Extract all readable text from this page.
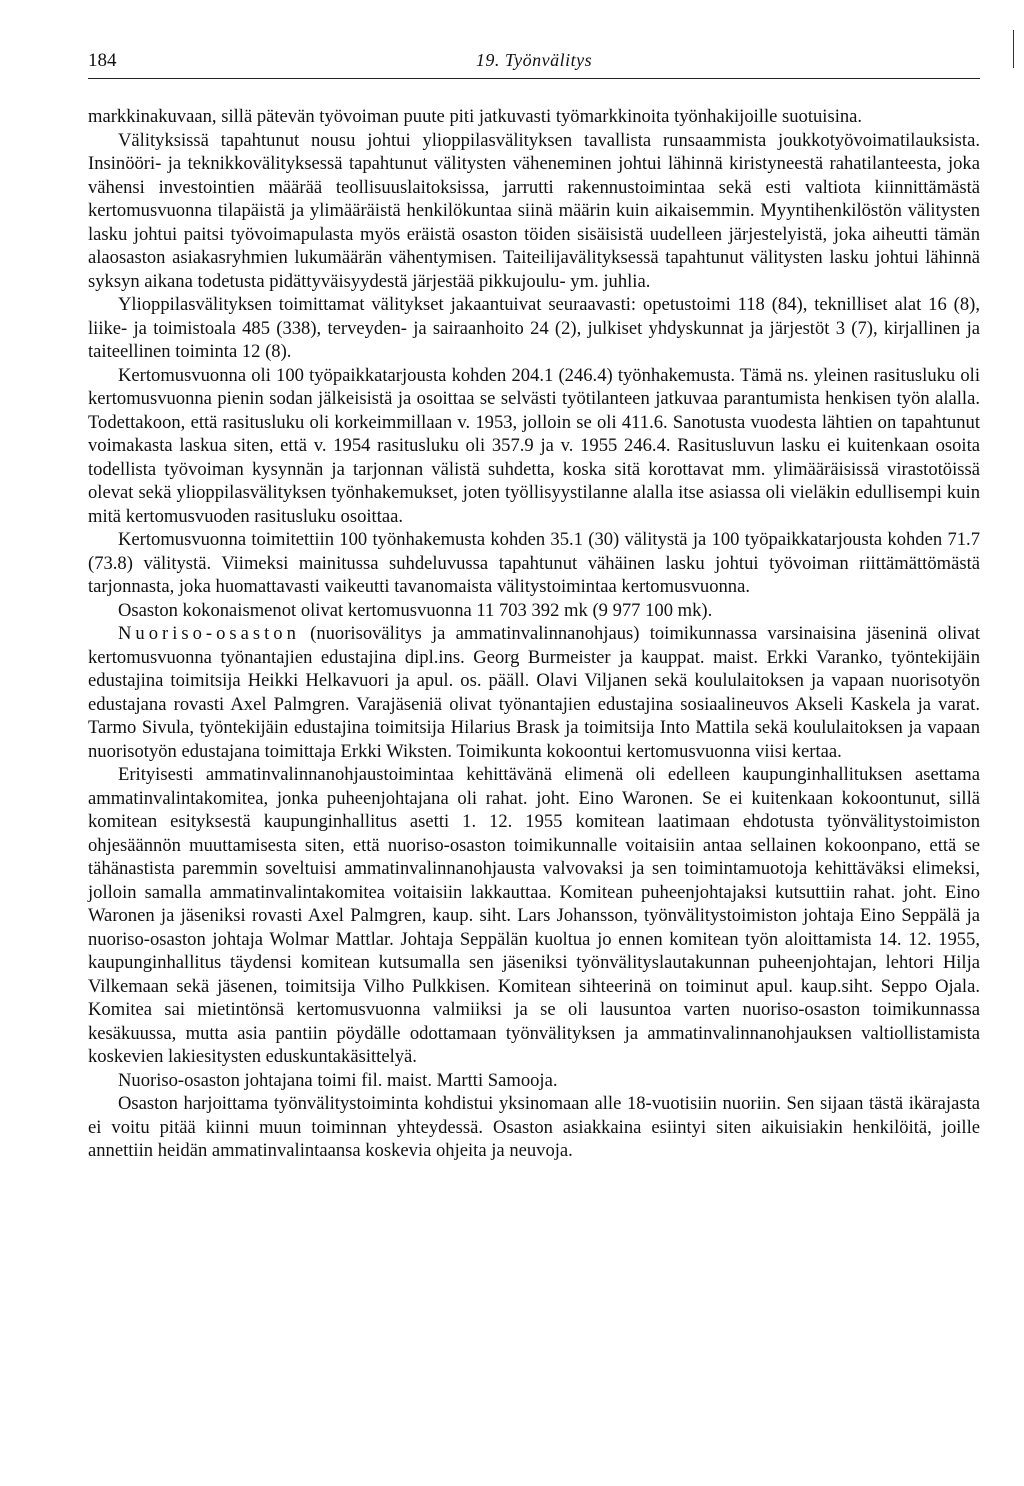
184	19. Työnvälitys

markkinakuvaan, sillä pätevän työvoiman puute piti jatkuvasti työmarkkinoita työnhakijoille suotuisina.

Välityksissä tapahtunut nousu johtui ylioppilasvälityksen tavallista runsaammista joukkotyövoimatilauksista. Insinööri- ja teknikkovälityksessä tapahtunut välitysten väheneminen johtui lähinnä kiristyneestä rahatilanteesta, joka vähensi investointien määrää teollisuuslaitoksissa, jarrutti rakennustoimintaa sekä esti valtiota kiinnittämästä kertomusvuonna tilapäistä ja ylimääräistä henkilökuntaa siinä määrin kuin aikaisemmin. Myyntihenkilöstön välitysten lasku johtui paitsi työvoimapulasta myös eräistä osaston töiden sisäisistä uudelleen järjestelyistä, joka aiheutti tämän alaosaston asiakasryhmien lukumäärän vähentymisen. Taiteilijavälityksessä tapahtunut välitysten lasku johtui lähinnä syksyn aikana todetusta pidättyväisyydestä järjestää pikkujoulu- ym. juhlia.

Ylioppilasvälityksen toimittamat välitykset jakaantuivat seuraavasti: opetustoimi 118 (84), teknilliset alat 16 (8), liike- ja toimistoala 485 (338), terveyden- ja sairaanhoito 24 (2), julkiset yhdyskunnat ja järjestöt 3 (7), kirjallinen ja taiteellinen toiminta 12 (8).

Kertomusvuonna oli 100 työpaikkatarjousta kohden 204.1 (246.4) työnhakemusta. Tämä ns. yleinen rasitusluku oli kertomusvuonna pienin sodan jälkeisistä ja osoittaa se selvästi työtilanteen jatkuvaa parantumista henkisen työn alalla. Todettakoon, että rasitusluku oli korkeimmillaan v. 1953, jolloin se oli 411.6. Sanotusta vuodesta lähtien on tapahtunut voimakasta laskua siten, että v. 1954 rasitusluku oli 357.9 ja v. 1955 246.4. Rasitusluvun lasku ei kuitenkaan osoita todellista työvoiman kysynnän ja tarjonnan välistä suhdetta, koska sitä korottavat mm. ylimääräisissä virastotöissä olevat sekä ylioppilasvälityksen työnhakemukset, joten työllisyystilanne alalla itse asiassa oli vieläkin edullisempi kuin mitä kertomusvuoden rasitusluku osoittaa.

Kertomusvuonna toimitettiin 100 työnhakemusta kohden 35.1 (30) välitystä ja 100 työpaikkatarjousta kohden 71.7 (73.8) välitystä. Viimeksi mainitussa suhdeluvussa tapahtunut vähäinen lasku johtui työvoiman riittämättömästä tarjonnasta, joka huomattavasti vaikeutti tavanomaista välitystoimintaa kertomusvuonna.

Osaston kokonaismenot olivat kertomusvuonna 11 703 392 mk (9 977 100 mk).

Nuoriso-osaston (nuorisovälitys ja ammatinvalinnanohjaus) toimikunnassa varsinaisina jäseninä olivat kertomusvuonna työnantajien edustajina dipl.ins. Georg Burmeister ja kauppat. maist. Erkki Varanko, työntekijäin edustajina toimitsija Heikki Helkavuori ja apul. os. pääll. Olavi Viljanen sekä koululaitoksen ja vapaan nuorisotyön edustajana rovasti Axel Palmgren. Varajäseniä olivat työnantajien edustajina sosiaalineuvos Akseli Kaskela ja varat. Tarmo Sivula, työntekijäin edustajina toimitsija Hilarius Brask ja toimitsija Into Mattila sekä koululaitoksen ja vapaan nuorisotyön edustajana toimittaja Erkki Wiksten. Toimikunta kokoontui kertomusvuonna viisi kertaa.

Erityisesti ammatinvalinnanohjaustoimintaa kehittävänä elimenä oli edelleen kaupunginhallituksen asettama ammatinvalintakomitea, jonka puheenjohtajana oli rahat. joht. Eino Waronen. Se ei kuitenkaan kokoontunut, sillä komitean esityksestä kaupunginhallitus asetti 1. 12. 1955 komitean laatimaan ehdotusta työnvälitystoimiston ohjesäännön muuttamisesta siten, että nuoriso-osaston toimikunnalle voitaisiin antaa sellainen kokoonpano, että se tähänastista paremmin soveltuisi ammatinvalinnanohjausta valvovaksi ja sen toimintamuotoja kehittäväksi elimeksi, jolloin samalla ammatinvalintakomitea voitaisiin lakkauttaa. Komitean puheenjohtajaksi kutsuttiin rahat. joht. Eino Waronen ja jäseniksi rovasti Axel Palmgren, kaup. siht. Lars Johansson, työnvälitystoimiston johtaja Eino Seppälä ja nuoriso-osaston johtaja Wolmar Mattlar. Johtaja Seppälän kuoltua jo ennen komitean työn aloittamista 14. 12. 1955, kaupunginhallitus täydensi komitean kutsumalla sen jäseniksi työnvälityslautakunnan puheenjohtajan, lehtori Hilja Vilkemaan sekä jäsenen, toimitsija Vilho Pulkkisen. Komitean sihteerinä on toiminut apul. kaup.siht. Seppo Ojala. Komitea sai mietintönsä kertomusvuonna valmiiksi ja se oli lausuntoa varten nuoriso-osaston toimikunnassa kesäkuussa, mutta asia pantiin pöydälle odottamaan työnvälityksen ja ammatinvalinnanohjauksen valtiollistamista koskevien lakiesitysten eduskuntakäsittelyä.

Nuoriso-osaston johtajana toimi fil. maist. Martti Samooja.

Osaston harjoittama työnvälitystoiminta kohdistui yksinomaan alle 18-vuotisiin nuoriin. Sen sijaan tästä ikärajasta ei voitu pitää kiinni muun toiminnan yhteydessä. Osaston asiakkaina esiintyi siten aikuisiakin henkilöitä, joille annettiin heidän ammatinvalintaansa koskevia ohjeita ja neuvoja.
